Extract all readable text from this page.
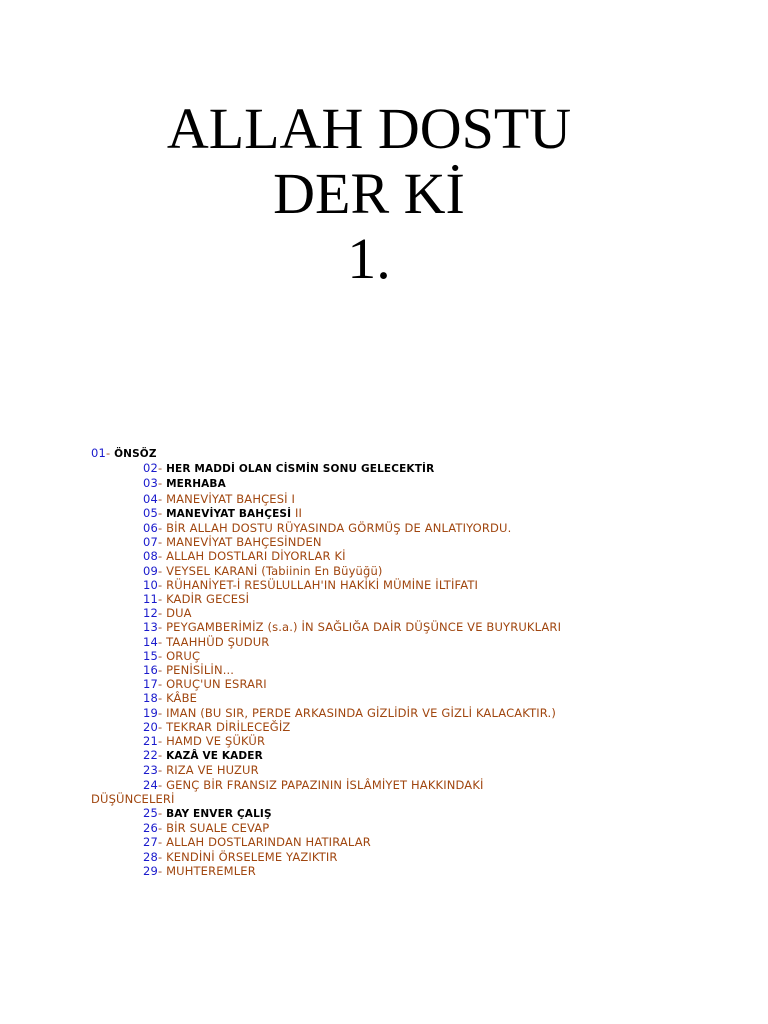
ALLAH DOSTU
DER Kİ
1.
01- ÖNSÖZ
02- HER MADDİ OLAN CİSMİN SONU GELECEKTİR
03- MERHABA
04- MANEVİYAT BAHÇESİ I
05- MANEVİYAT BAHÇESİ II
06- BİR ALLAH DOSTU RÜYASINDA GÖRMÜŞ DE ANLATIYORDU.
07- MANEVİYAT BAHÇESİNDEN
08- ALLAH DOSTLARI DİYORLAR Kİ
09- VEYSEL KARANİ (Tabiinin En Büyüğü)
10- RÜHANİYET-İ RESÜLULLAH'IN HAKİKİ MÜMİNE İLTİFATI
11- KADİR GECESİ
12- DUA
13- PEYGAMBERİMİZ (s.a.) İN SAĞLIĞA DAİR DÜŞÜNCE VE BUYRUKLARI
14- TAAHHÜD ŞUDUR
15- ORUÇ
16- PENİSİLİN...
17- ORUÇ'UN ESRARI
18- KÂBE
19- IMAN (BU SIR, PERDE ARKASINDA GİZLİDİR VE GİZLİ KALACAKTIR.)
20- TEKRAR DİRİLECEĞİZ
21- HAMD VE ŞÜKÜR
22- KAZÂ VE KADER
23- RIZA VE HUZUR
24- GENÇ BİR FRANSIZ PAPAZININ İSLÂMİYET HAKKINDAKİ
DÜŞÜNCELERİ
25- BAY ENVER ÇALIŞ
26- BİR SUALE CEVAP
27- ALLAH DOSTLARINDAN HATIRALAR
28- KENDİNİ ÖRSELEME YAZIKTIR
29- MUHTEREMLER
